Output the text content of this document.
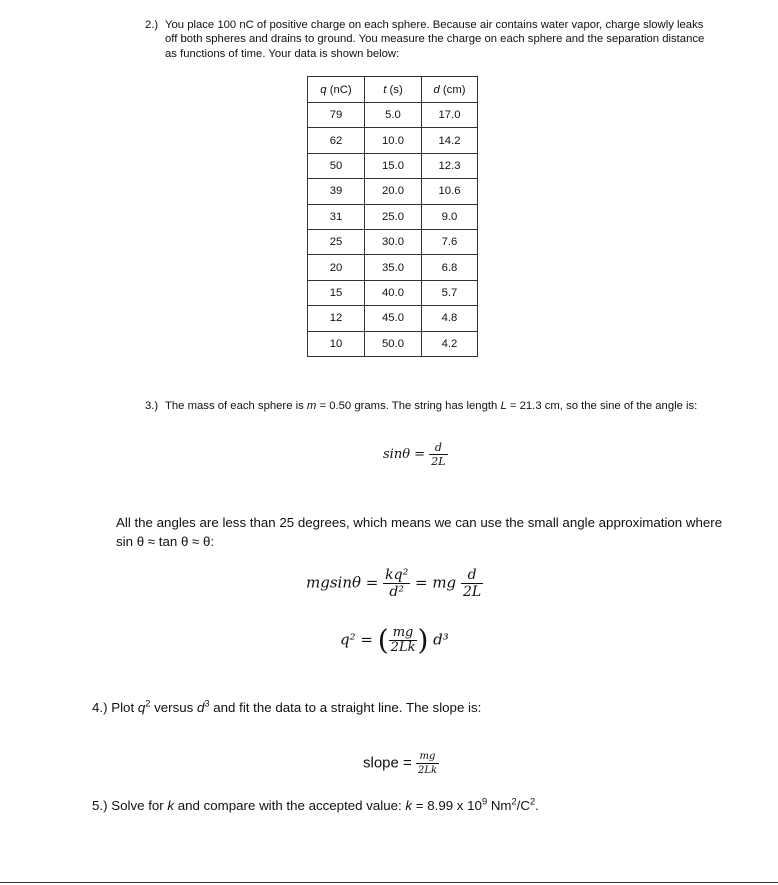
2.) You place 100 nC of positive charge on each sphere. Because air contains water vapor, charge slowly leaks off both spheres and drains to ground. You measure the charge on each sphere and the separation distance as functions of time. Your data is shown below:
q (nC)	t (s)	d (cm)
79	5.0	17.0
62	10.0	14.2
50	15.0	12.3
39	20.0	10.6
31	25.0	9.0
25	30.0	7.6
20	35.0	6.8
15	40.0	5.7
12	45.0	4.8
10	50.0	4.2
3.) The mass of each sphere is m = 0.50 grams. The string has length L = 21.3 cm, so the sine of the angle is:
$\sin\theta = \frac{d}{2L}$
All the angles are less than 25 degrees, which means we can use the small angle approximation where sin θ ≈ tan θ ≈ θ:
$mgsin\theta = \frac{\text{kq²}}{\text{d²}}$ = mg $\frac{d}{2L}$
q² = ( $\frac{mg}{2Lk}$ ) d³
4.) Plot $q^2$ versus $d^3$ and fit the data to a straight line. The slope is:
slope = $\frac{mg}{2Lk}$
5.) Solve for k and compare with the accepted value: k = 8.99 x $10^9$ $Nm^2/C^2$.
